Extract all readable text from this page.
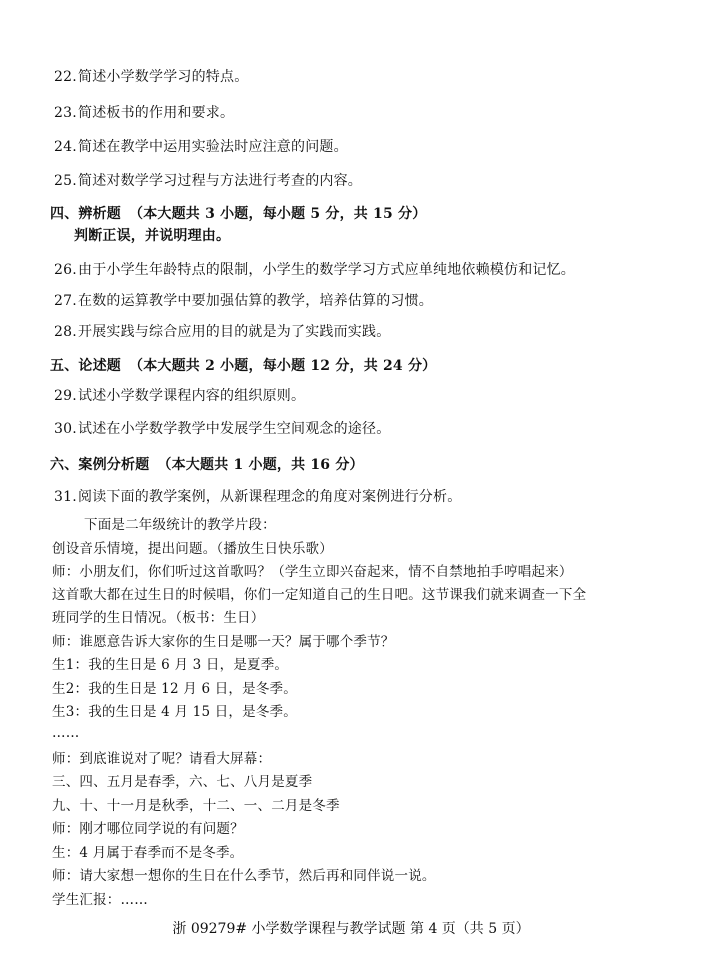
22.简述小学数学学习的特点。
23.简述板书的作用和要求。
24.简述在教学中运用实验法时应注意的问题。
25.简述对数学学习过程与方法进行考查的内容。
四、辨析题 （本大题共 3 小题，每小题 5 分，共 15 分）
判断正误，并说明理由。
26.由于小学生年龄特点的限制，小学生的数学学习方式应单纯地依赖模仿和记忆。
27.在数的运算教学中要加强估算的教学，培养估算的习惯。
28.开展实践与综合应用的目的就是为了实践而实践。
五、论述题 （本大题共 2 小题，每小题 12 分，共 24 分）
29.试述小学数学课程内容的组织原则。
30.试述在小学数学教学中发展学生空间观念的途径。
六、案例分析题 （本大题共 1 小题，共 16 分）
31.阅读下面的教学案例，从新课程理念的角度对案例进行分析。
下面是二年级统计的教学片段：
创设音乐情境，提出问题。（播放生日快乐歌）
师：小朋友们，你们听过这首歌吗？（学生立即兴奋起来，情不自禁地拍手哼唱起来）
这首歌大都在过生日的时候唱，你们一定知道自己的生日吧。这节课我们就来调查一下全
班同学的生日情况。（板书：生日）
师：谁愿意告诉大家你的生日是哪一天？属于哪个季节？
生1：我的生日是 6 月 3 日，是夏季。
生2：我的生日是 12 月 6 日，是冬季。
生3：我的生日是 4 月 15 日，是冬季。
……
师：到底谁说对了呢？请看大屏幕：
三、四、五月是春季，六、七、八月是夏季
九、十、十一月是秋季，十二、一、二月是冬季
师：刚才哪位同学说的有问题？
生：4 月属于春季而不是冬季。
师：请大家想一想你的生日在什么季节，然后再和同伴说一说。
学生汇报：……
浙 09279# 小学数学课程与教学试题 第 4 页（共 5 页）
